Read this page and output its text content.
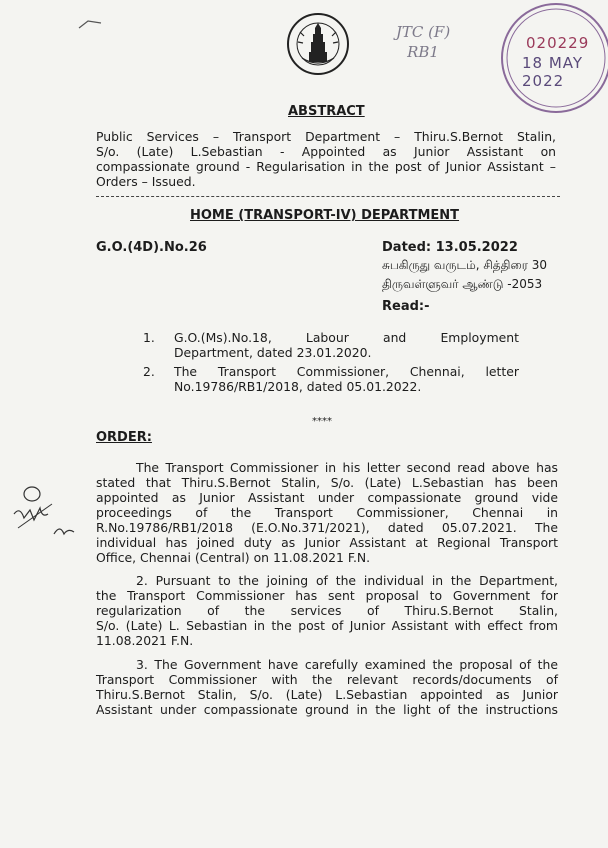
JTC (F)
RB1	020229
18 MAY 2022
ABSTRACT
Public Services – Transport Department – Thiru.S.Bernot Stalin,
S/o. (Late) L.Sebastian - Appointed as Junior Assistant on
compassionate ground - Regularisation in the post of Junior Assistant –
Orders – Issued.
HOME (TRANSPORT-IV) DEPARTMENT
G.O.(4D).No.26	Dated: 13.05.2022
சுபகிருது வருடம், சித்திரை 30
திருவள்ளுவர் ஆண்டு -2053
Read:-
1. G.O.(Ms).No.18, Labour and Employment
Department, dated 23.01.2020.
2. The Transport Commissioner, Chennai, letter
No.19786/RB1/2018, dated 05.01.2022.
****
ORDER:
The Transport Commissioner in his letter second read above has
stated that Thiru.S.Bernot Stalin, S/o. (Late) L.Sebastian has been
appointed as Junior Assistant under compassionate ground vide
proceedings of the Transport Commissioner, Chennai in
R.No.19786/RB1/2018 (E.O.No.371/2021), dated 05.07.2021. The
individual has joined duty as Junior Assistant at Regional Transport
Office, Chennai (Central) on 11.08.2021 F.N.
2. Pursuant to the joining of the individual in the Department,
the Transport Commissioner has sent proposal to Government for
regularization of the services of Thiru.S.Bernot Stalin,
S/o. (Late) L. Sebastian in the post of Junior Assistant with effect from
11.08.2021 F.N.
3. The Government have carefully examined the proposal of the
Transport Commissioner with the relevant records/documents of
Thiru.S.Bernot Stalin, S/o. (Late) L.Sebastian appointed as Junior
Assistant under compassionate ground in the light of the instructions
